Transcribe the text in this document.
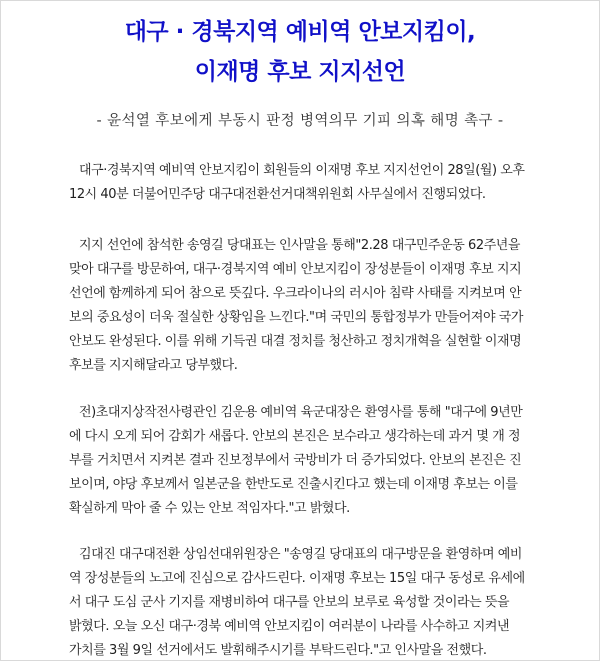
대구 · 경북지역 예비역 안보지킴이,
이재명 후보 지지선언
- 윤석열 후보에게 부동시 판정 병역의무 기피 의혹 해명 촉구 -
대구·경북지역 예비역 안보지킴이 회원들의 이재명 후보 지지선언이 28일(월) 오후
12시 40분 더불어민주당 대구대전환선거대책위원회 사무실에서 진행되었다.
지지 선언에 참석한 송영길 당대표는 인사말을 통해"2.28 대구민주운동 62주년을
맞아 대구를 방문하여, 대구·경북지역 예비 안보지킴이 장성분들이 이재명 후보 지지
선언에 함께하게 되어 참으로 뜻깊다. 우크라이나의 러시아 침략 사태를 지켜보며 안
보의 중요성이 더욱 절실한 상황임을 느낀다."며 국민의 통합정부가 만들어져야 국가
안보도 완성된다. 이를 위해 기득권 대결 정치를 청산하고 정치개혁을 실현할 이재명
후보를 지지해달라고 당부했다.
전)초대지상작전사령관인 김운용 예비역 육군대장은 환영사를 통해 "대구에 9년만
에 다시 오게 되어 감회가 새롭다. 안보의 본진은 보수라고 생각하는데 과거 몇 개 정
부를 거치면서 지켜본 결과 진보정부에서 국방비가 더 증가되었다. 안보의 본진은 진
보이며, 야당 후보께서 일본군을 한반도로 진출시킨다고 했는데 이재명 후보는 이를
확실하게 막아 줄 수 있는 안보 적임자다."고 밝혔다.
김대진 대구대전환 상임선대위원장은 "송영길 당대표의 대구방문을 환영하며 예비
역 장성분들의 노고에 진심으로 감사드린다. 이재명 후보는 15일 대구 동성로 유세에
서 대구 도심 군사 기지를 재병비하여 대구를 안보의 보루로 육성할 것이라는 뜻을
밝혔다. 오늘 오신 대구·경북 예비역 안보지킴이 여러분이 나라를 사수하고 지켜낸
가치를 3월 9일 선거에서도 발휘해주시기를 부탁드린다."고 인사말을 전했다.
